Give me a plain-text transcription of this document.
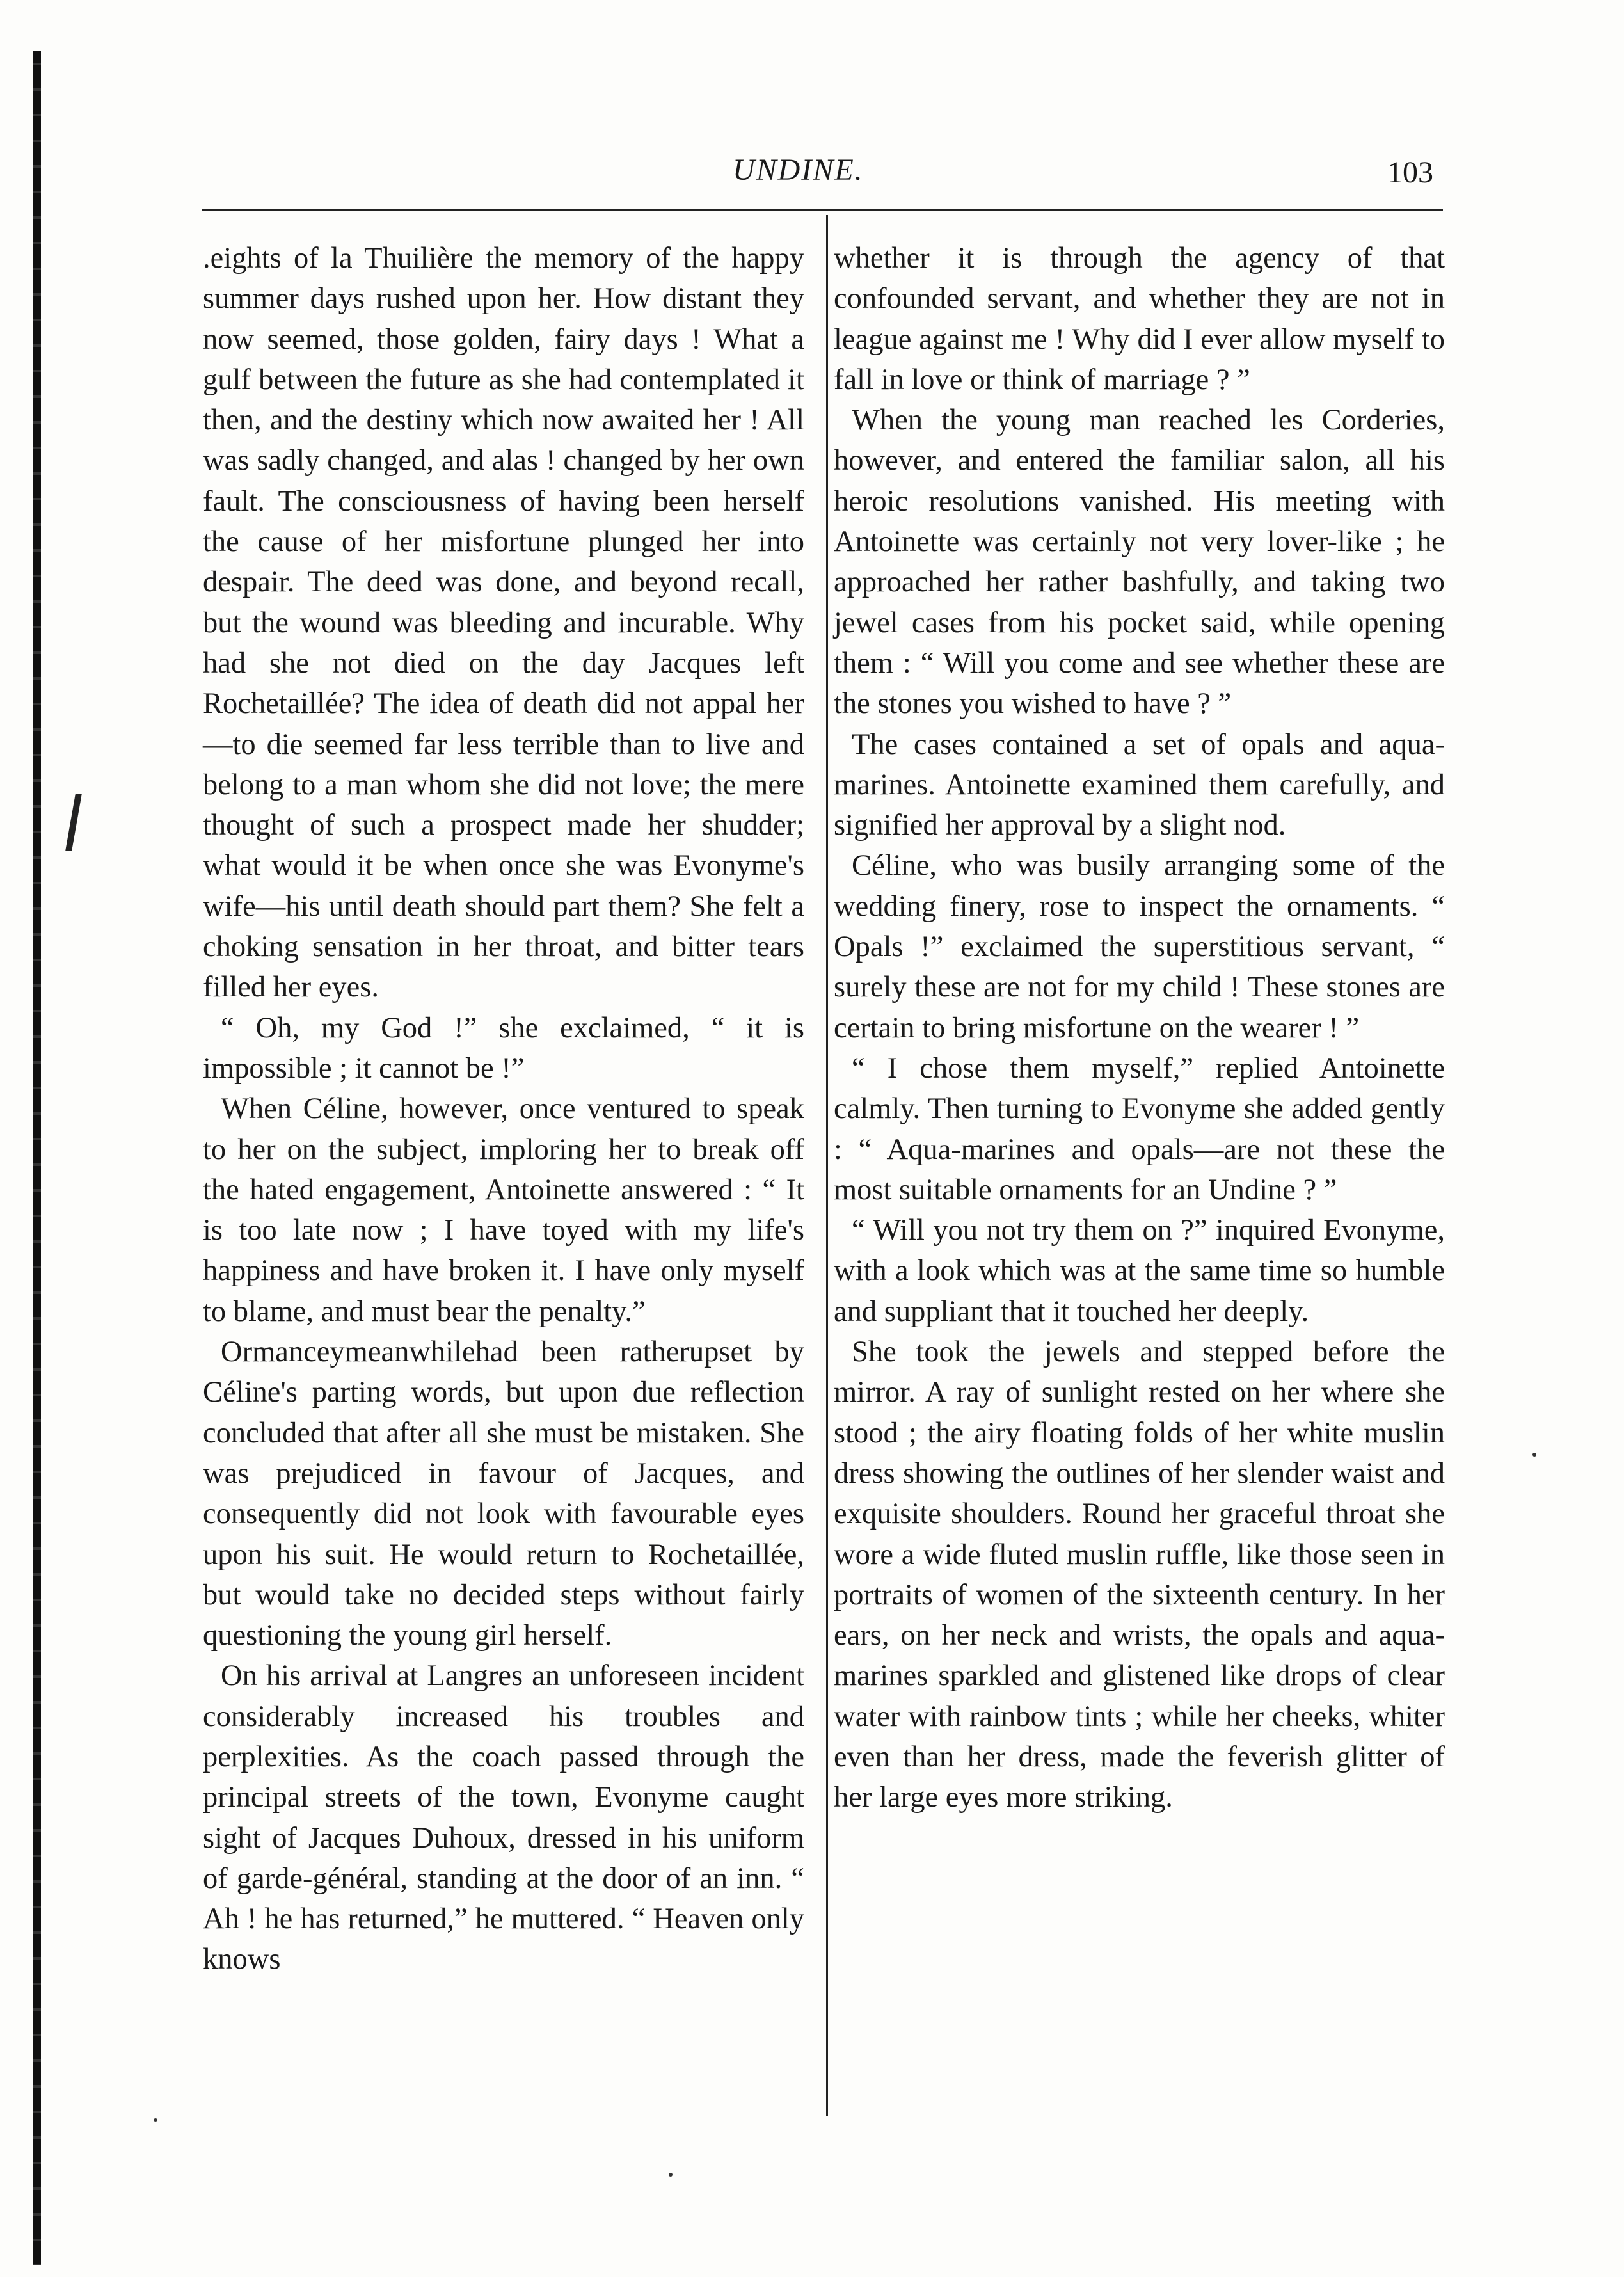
UNDINE.	103

.eights of la Thuilière the memory of the happy summer days rushed upon her. How distant they now seemed, those golden, fairy days ! What a gulf between the future as she had contemplated it then, and the destiny which now awaited her ! All was sadly changed, and alas ! changed by her own fault. The consciousness of having been herself the cause of her misfortune plunged her into despair. The deed was done, and beyond recall, but the wound was bleeding and incurable. Why had she not died on the day Jacques left Rochetaillée? The idea of death did not appal her—to die seemed far less terrible than to live and belong to a man whom she did not love; the mere thought of such a prospect made her shudder; what would it be when once she was Evonyme's wife—his until death should part them? She felt a choking sensation in her throat, and bitter tears filled her eyes.

“ Oh, my God !” she exclaimed, “ it is impossible ; it cannot be !”

When Céline, however, once ventured to speak to her on the subject, imploring her to break off the hated engagement, Antoinette answered : “ It is too late now ; I have toyed with my life's happiness and have broken it. I have only myself to blame, and must bear the penalty.”

Ormanceymeanwhilehad been ratherupset by Céline's parting words, but upon due reflection concluded that after all she must be mistaken. She was prejudiced in favour of Jacques, and consequently did not look with favourable eyes upon his suit. He would return to Rochetaillée, but would take no decided steps without fairly questioning the young girl herself.

On his arrival at Langres an unforeseen incident considerably increased his troubles and perplexities. As the coach passed through the principal streets of the town, Evonyme caught sight of Jacques Duhoux, dressed in his uniform of garde-général, standing at the door of an inn. “ Ah ! he has returned,” he muttered. “ Heaven only knows

whether it is through the agency of that confounded servant, and whether they are not in league against me ! Why did I ever allow myself to fall in love or think of marriage ? ”

When the young man reached les Corderies, however, and entered the familiar salon, all his heroic resolutions vanished. His meeting with Antoinette was certainly not very lover-like ; he approached her rather bashfully, and taking two jewel cases from his pocket said, while opening them : “ Will you come and see whether these are the stones you wished to have ? ”

The cases contained a set of opals and aqua-marines. Antoinette examined them carefully, and signified her approval by a slight nod.

Céline, who was busily arranging some of the wedding finery, rose to inspect the ornaments. “ Opals !” exclaimed the superstitious servant, “ surely these are not for my child ! These stones are certain to bring misfortune on the wearer ! ”

“ I chose them myself,” replied Antoinette calmly. Then turning to Evonyme she added gently : “ Aqua-marines and opals—are not these the most suitable ornaments for an Undine ? ”

“ Will you not try them on ?” inquired Evonyme, with a look which was at the same time so humble and suppliant that it touched her deeply.

She took the jewels and stepped before the mirror. A ray of sunlight rested on her where she stood ; the airy floating folds of her white muslin dress showing the outlines of her slender waist and exquisite shoulders. Round her graceful throat she wore a wide fluted muslin ruffle, like those seen in portraits of women of the sixteenth century. In her ears, on her neck and wrists, the opals and aqua-marines sparkled and glistened like drops of clear water with rainbow tints ; while her cheeks, whiter even than her dress, made the feverish glitter of her large eyes more striking.
